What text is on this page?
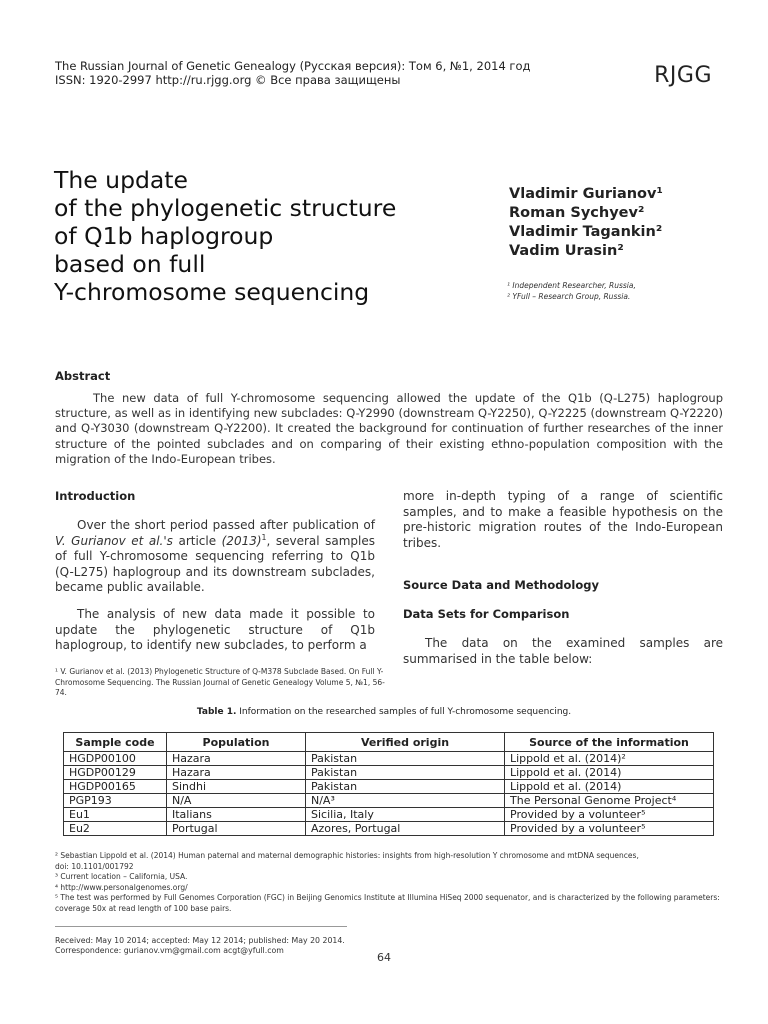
The Russian Journal of Genetic Genealogy (Русская версия): Том 6, №1, 2014 год
ISSN: 1920-2997 http://ru.rjgg.org © Все права защищены	RJGG
The update
of the phylogenetic structure
of Q1b haplogroup
based on full
Y-chromosome sequencing
Vladimir Gurianov¹
Roman Sychyev²
Vladimir Tagankin²
Vadim Urasin²
¹ Independent Researcher, Russia,
² YFull – Research Group, Russia.
Abstract
The new data of full Y-chromosome sequencing allowed the update of the Q1b (Q-L275) haplogroup structure, as well as in identifying new subclades: Q-Y2990 (downstream Q-Y2250), Q-Y2225 (downstream Q-Y2220) and Q-Y3030 (downstream Q-Y2200). It created the background for continuation of further researches of the inner structure of the pointed subclades and on comparing of their existing ethno-population composition with the migration of the Indo-European tribes.
Introduction
Over the short period passed after publication of V. Gurianov et al.'s article $(2013)^1$, several samples of full Y-chromosome sequencing referring to Q1b (Q-L275) haplogroup and its downstream subclades, became public available.
The analysis of new data made it possible to update the phylogenetic structure of Q1b haplogroup, to identify new subclades, to perform a
more in-depth typing of a range of scientific samples, and to make a feasible hypothesis on the pre-historic migration routes of the Indo-European tribes.
Source Data and Methodology
Data Sets for Comparison
The data on the examined samples are summarised in the table below:
¹ V. Gurianov et al. (2013) Phylogenetic Structure of Q-M378 Subclade Based. On Full Y-Chromosome Sequencing. The Russian Journal of Genetic Genealogy Volume 5, №1, 56-74.
Table 1. Information on the researched samples of full Y-chromosome sequencing.
Sample code	Population	Verified origin	Source of the information
HGDP00100	Hazara	Pakistan	Lippold et al. (2014)²
HGDP00129	Hazara	Pakistan	Lippold et al. (2014)
HGDP00165	Sindhi	Pakistan	Lippold et al. (2014)
PGP193	N/A	N/A³	The Personal Genome Project⁴
Eu1	Italians	Sicilia, Italy	Provided by a volunteer⁵
Eu2	Portugal	Azores, Portugal	Provided by a volunteer⁵
² Sebastian Lippold et al. (2014) Human paternal and maternal demographic histories: insights from high-resolution Y chromosome and mtDNA sequences,
doi: 10.1101/001792
³ Current location – California, USA.
⁴ http://www.personalgenomes.org/
⁵ The test was performed by Full Genomes Corporation (FGC) in Beijing Genomics Institute at Illumina HiSeq 2000 sequenator, and is characterized by the following parameters: coverage 50x at read length of 100 base pairs.
Received: May 10 2014; accepted: May 12 2014; published: May 20 2014.
Correspondence: gurianov.vm@gmail.com acgt@yfull.com
64
